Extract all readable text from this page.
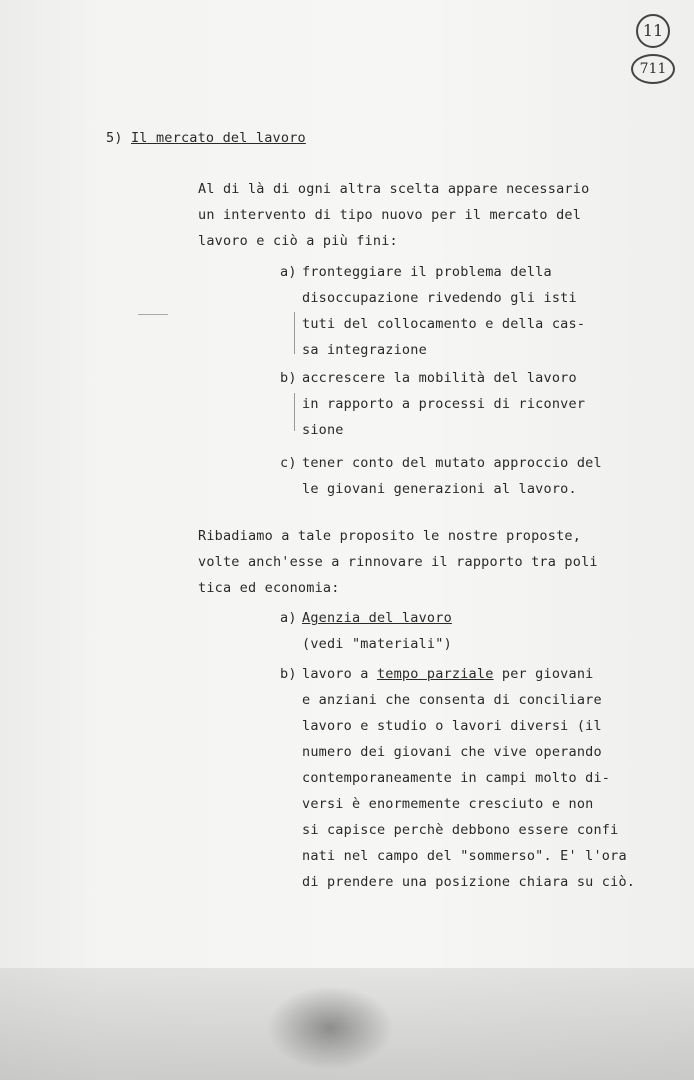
11
711
5) Il mercato del lavoro
Al di là di ogni altra scelta appare necessario
un intervento di tipo nuovo per il mercato del
lavoro e ciò a più fini:
a) fronteggiare il problema della
disoccupazione rivedendo gli isti
tuti del collocamento e della cas-
sa integrazione
b) accrescere la mobilità del lavoro
in rapporto a processi di riconver
sione
c) tener conto del mutato approccio del
le giovani generazioni al lavoro.
Ribadiamo a tale proposito le nostre proposte,
volte anch'esse a rinnovare il rapporto tra poli
tica ed economia:
a) Agenzia del lavoro
(vedi "materiali")
b) lavoro a tempo parziale per giovani
e anziani che consenta di conciliare
lavoro e studio o lavori diversi (il
numero dei giovani che vive operando
contemporaneamente in campi molto di-
versi è enormemente cresciuto e non
si capisce perchè debbono essere confi
nati nel campo del "sommerso". E' l'ora
di prendere una posizione chiara su ciò.
